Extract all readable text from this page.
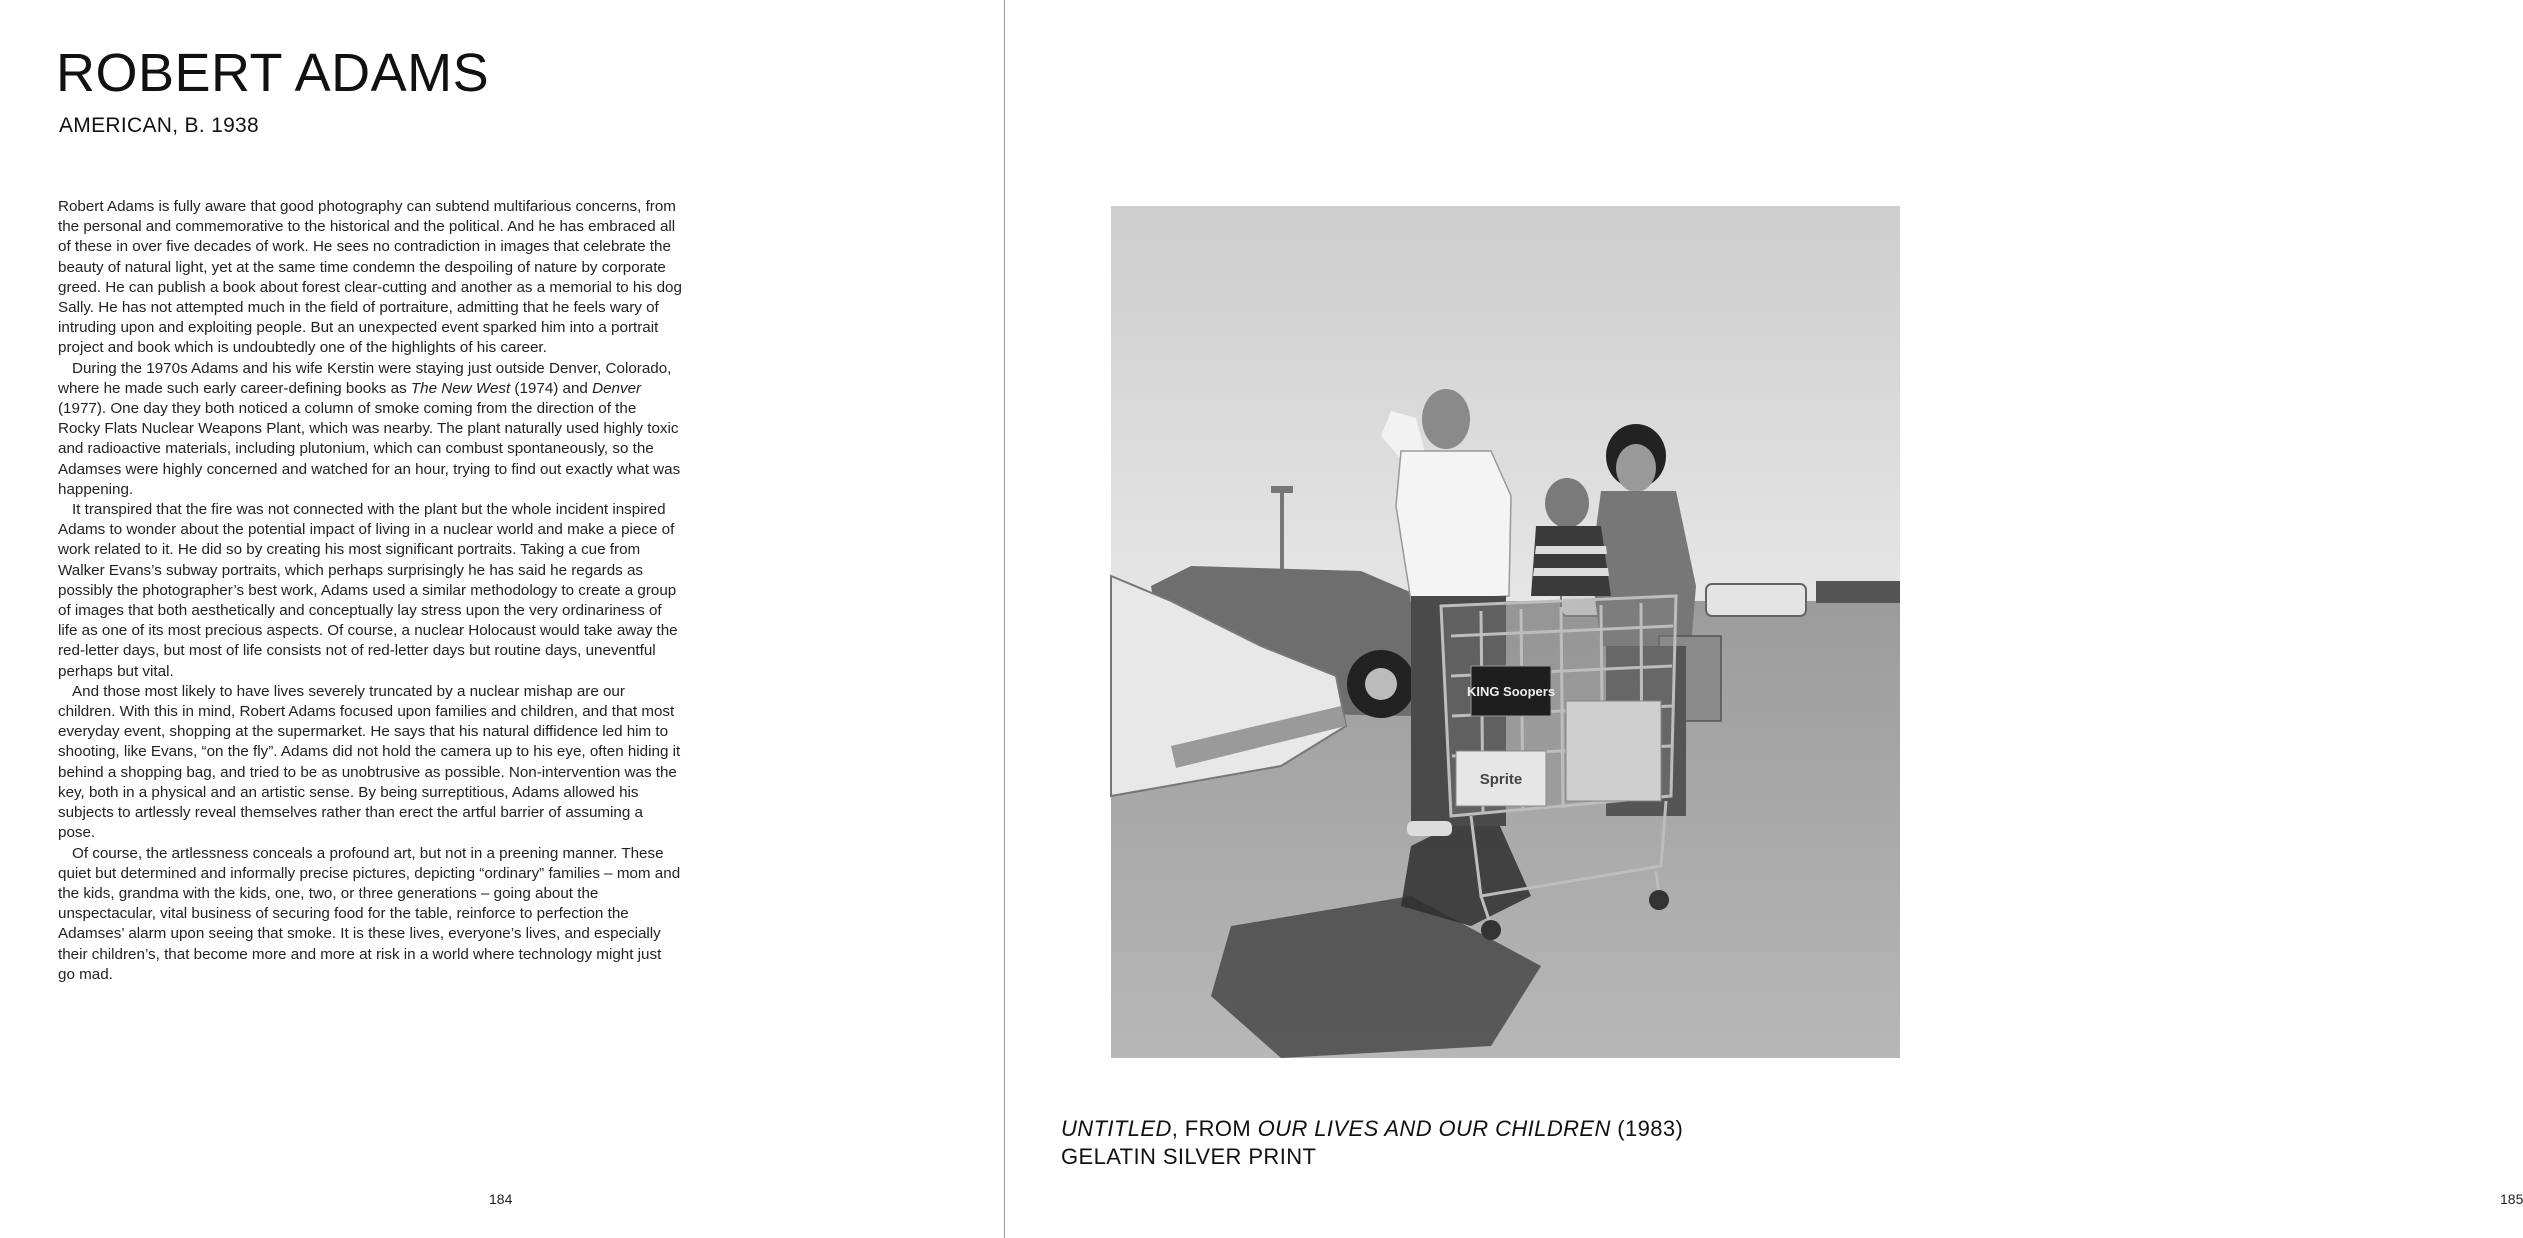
ROBERT ADAMS
AMERICAN, B. 1938

Robert Adams is fully aware that good photography can subtend multifarious concerns, from the personal and commemorative to the historical and the political. And he has embraced all of these in over five decades of work. He sees no contradiction in images that celebrate the beauty of natural light, yet at the same time condemn the despoiling of nature by corporate greed. He can publish a book about forest clear-cutting and another as a memorial to his dog Sally. He has not attempted much in the field of portraiture, admitting that he feels wary of intruding upon and exploiting people. But an unexpected event sparked him into a portrait project and book which is undoubtedly one of the highlights of his career.

During the 1970s Adams and his wife Kerstin were staying just outside Denver, Colorado, where he made such early career-defining books as The New West (1974) and Denver (1977). One day they both noticed a column of smoke coming from the direction of the Rocky Flats Nuclear Weapons Plant, which was nearby. The plant naturally used highly toxic and radioactive materials, including plutonium, which can combust spontaneously, so the Adamses were highly concerned and watched for an hour, trying to find out exactly what was happening.

It transpired that the fire was not connected with the plant but the whole incident inspired Adams to wonder about the potential impact of living in a nuclear world and make a piece of work related to it. He did so by creating his most significant portraits. Taking a cue from Walker Evans’s subway portraits, which perhaps surprisingly he has said he regards as possibly the photographer’s best work, Adams used a similar methodology to create a group of images that both aesthetically and conceptually lay stress upon the very ordinariness of life as one of its most precious aspects. Of course, a nuclear Holocaust would take away the red-letter days, but most of life consists not of red-letter days but routine days, uneventful perhaps but vital.

And those most likely to have lives severely truncated by a nuclear mishap are our children. With this in mind, Robert Adams focused upon families and children, and that most everyday event, shopping at the supermarket. He says that his natural diffidence led him to shooting, like Evans, “on the fly”. Adams did not hold the camera up to his eye, often hiding it behind a shopping bag, and tried to be as unobtrusive as possible. Non-intervention was the key, both in a physical and an artistic sense. By being surreptitious, Adams allowed his subjects to artlessly reveal themselves rather than erect the artful barrier of assuming a pose.

Of course, the artlessness conceals a profound art, but not in a preening manner. These quiet but determined and informally precise pictures, depicting “ordinary” families – mom and the kids, grandma with the kids, one, two, or three generations – going about the unspectacular, vital business of securing food for the table, reinforce to perfection the Adamses’ alarm upon seeing that smoke. It is these lives, everyone’s lives, and especially their children’s, that become more and more at risk in a world where technology might just go mad.

184	185
KING Soopers
Sprite
UNTITLED, FROM OUR LIVES AND OUR CHILDREN (1983)
GELATIN SILVER PRINT
